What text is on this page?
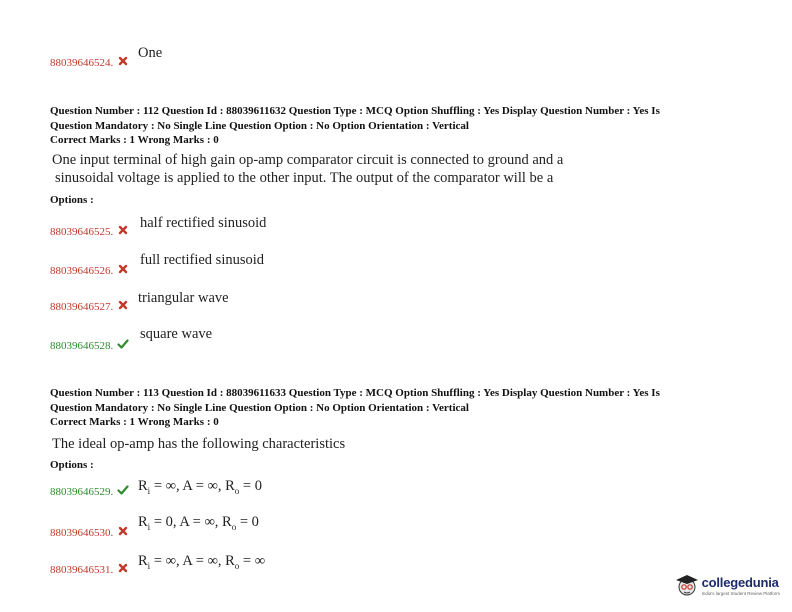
88039646524.
One
Question Number : 112 Question Id : 88039611632 Question Type : MCQ Option Shuffling : Yes Display Question Number : Yes Is
Question Mandatory : No Single Line Question Option : No Option Orientation : Vertical
Correct Marks : 1 Wrong Marks : 0
One input terminal of high gain op-amp comparator circuit is connected to ground and a
sinusoidal voltage is applied to the other input. The output of the comparator will be a
Options :
88039646525.
half rectified sinusoid
88039646526.
full rectified sinusoid
88039646527.
triangular wave
88039646528.
square wave
Question Number : 113 Question Id : 88039611633 Question Type : MCQ Option Shuffling : Yes Display Question Number : Yes Is
Question Mandatory : No Single Line Question Option : No Option Orientation : Vertical
Correct Marks : 1 Wrong Marks : 0
The ideal op-amp has the following characteristics
Options :
88039646529.	$R_i$ = ∞, A = ∞, $R_o = 0$
88039646530.
$R_i = 0$, A = ∞, $R_o = 0$
88039646531.
$R_i$ = ∞, A = ∞, $R_o$ = ∞
collegedunia
India's largest Student Review Platform
